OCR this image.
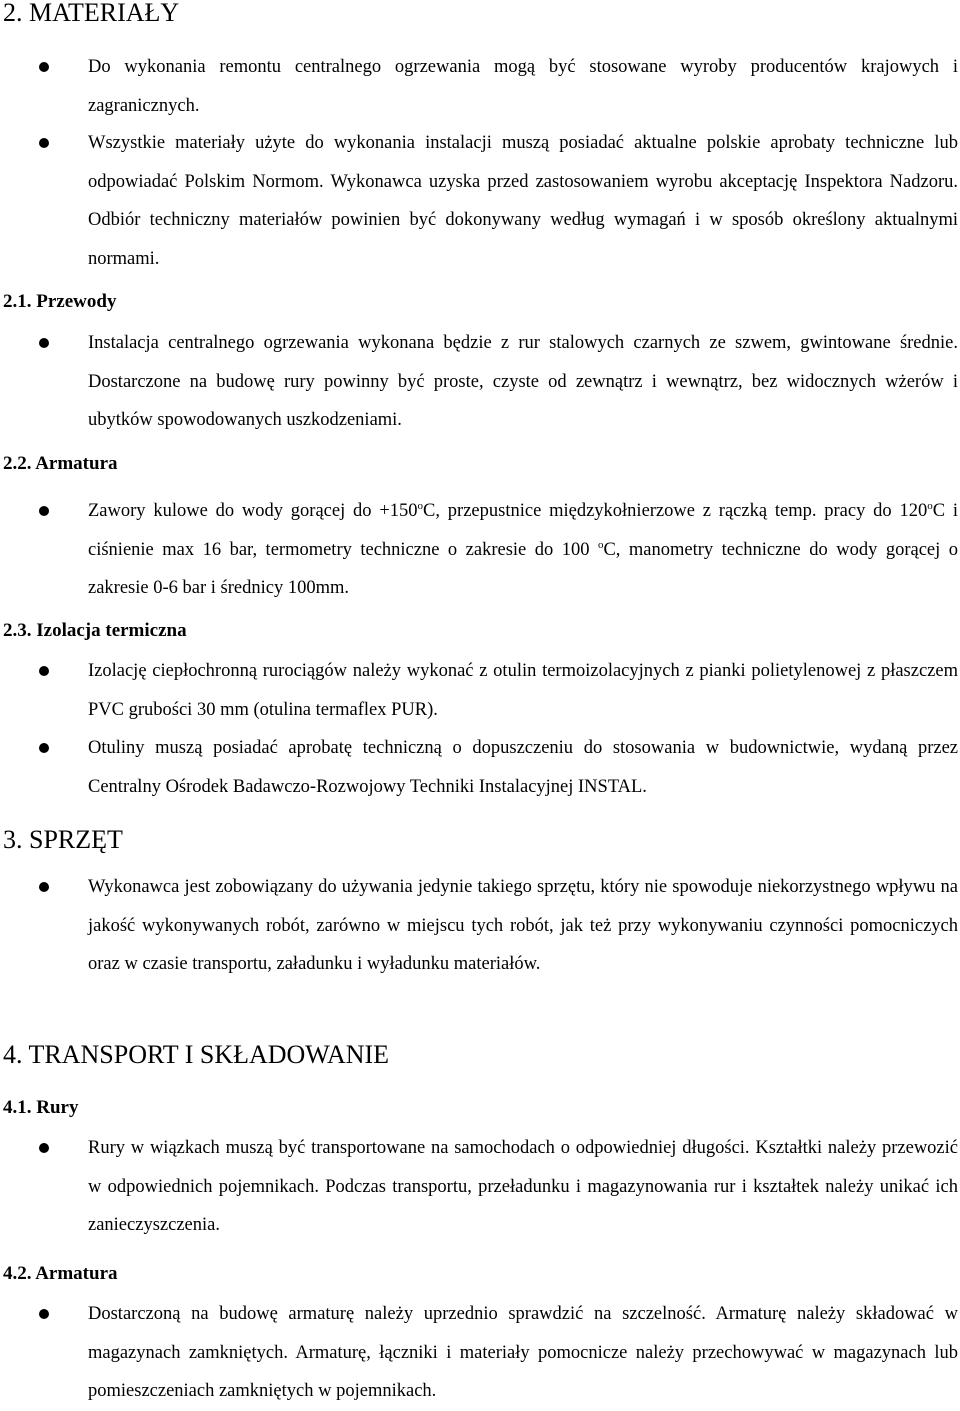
2. MATERIAŁY
Do wykonania remontu centralnego ogrzewania mogą być stosowane wyroby producentów krajowych i zagranicznych.
Wszystkie materiały użyte do wykonania instalacji muszą posiadać aktualne polskie aprobaty techniczne lub odpowiadać Polskim Normom. Wykonawca uzyska przed zastosowaniem wyrobu akceptację Inspektora Nadzoru. Odbiór techniczny materiałów powinien być dokonywany według wymagań i w sposób określony aktualnymi normami.
2.1. Przewody
Instalacja centralnego ogrzewania wykonana będzie z rur stalowych czarnych ze szwem, gwintowane średnie. Dostarczone na budowę rury powinny być proste, czyste od zewnątrz i wewnątrz, bez widocznych wżerów i ubytków spowodowanych uszkodzeniami.
2.2. Armatura
Zawory kulowe do wody gorącej do $+150^oC$, przepustnice międzykołnierzowe z rączką temp. pracy do 120$^o$C i ciśnienie max 16 bar, termometry techniczne o zakresie do 100 $^o$C, manometry techniczne do wody gorącej o zakresie 0-6 bar i średnicy 100mm.
2.3. Izolacja termiczna
Izolację ciepłochronną rurociągów należy wykonać z otulin termoizolacyjnych z pianki polietylenowej z płaszczem PVC grubości 30 mm (otulina termaflex PUR).
Otuliny muszą posiadać aprobatę techniczną o dopuszczeniu do stosowania w budownictwie, wydaną przez Centralny Ośrodek Badawczo-Rozwojowy Techniki Instalacyjnej INSTAL.
3. SPRZĘT
Wykonawca jest zobowiązany do używania jedynie takiego sprzętu, który nie spowoduje niekorzystnego wpływu na jakość wykonywanych robót, zarówno w miejscu tych robót, jak też przy wykonywaniu czynności pomocniczych oraz w czasie transportu, załadunku i wyładunku materiałów.
4. TRANSPORT I SKŁADOWANIE
4.1. Rury
Rury w wiązkach muszą być transportowane na samochodach o odpowiedniej długości. Kształtki należy przewozić w odpowiednich pojemnikach. Podczas transportu, przeładunku i magazynowania rur i kształtek należy unikać ich zanieczyszczenia.
4.2. Armatura
Dostarczoną na budowę armaturę należy uprzednio sprawdzić na szczelność. Armaturę należy składować w magazynach zamkniętych. Armaturę, łączniki i materiały pomocnicze należy przechowywać w magazynach lub pomieszczeniach zamkniętych w pojemnikach.
